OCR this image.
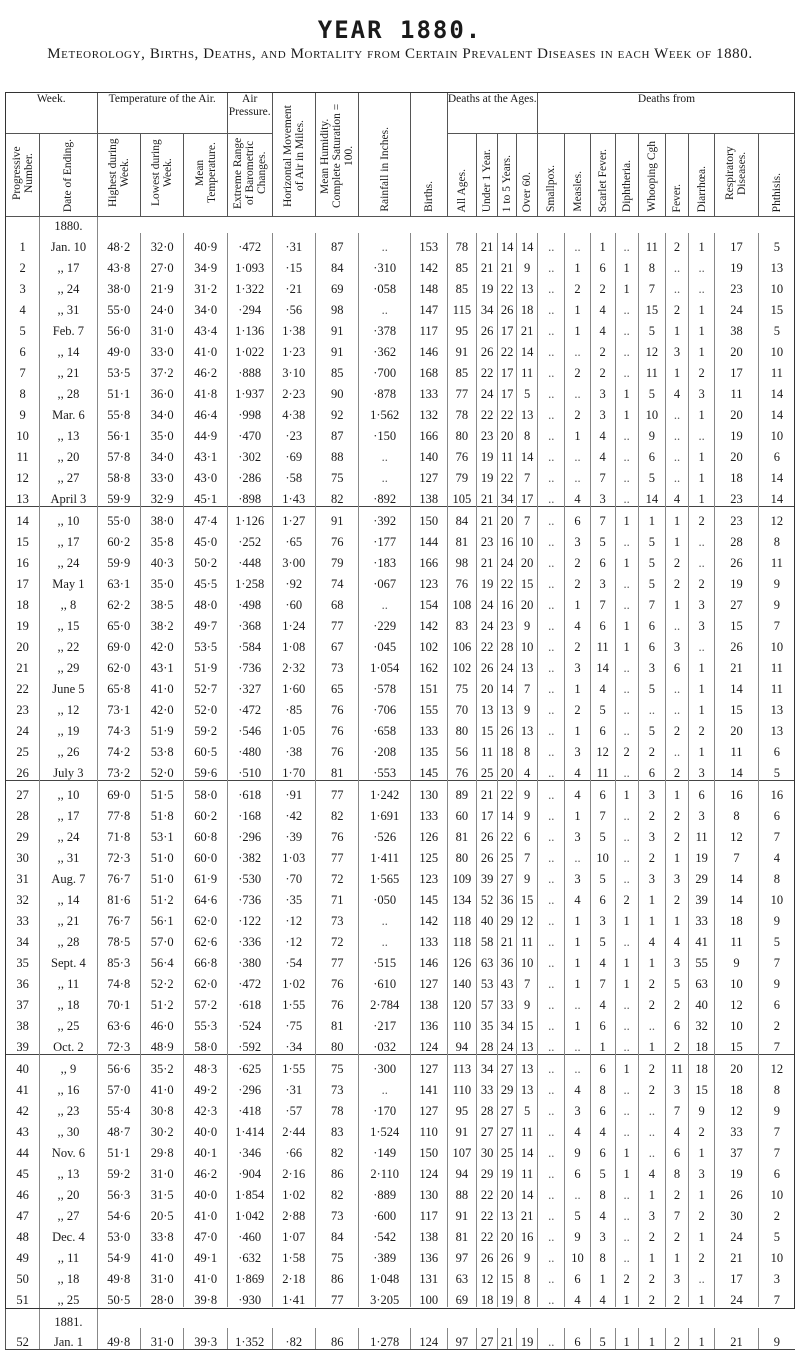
YEAR 1880.
Meteorology, Births, Deaths, and Mortality from Certain Prevalent Diseases in each Week of 1880.
Week.		Temperature of the Air.			Air Pressure.	Horizontal Movement of Air in Miles.	Mean Humidity. Complete Saturation = 100.	Rainfall in Inches.	Births.	Deaths at the Ages.				Deaths from								
Progressive Number.	Date of Ending.	Highest during Week.	Lowest during Week.	Mean Temperature.	Extreme Range of Barometric Changes.					All Ages.	Under 1 Year.	1 to 5 Years.	Over 60.	Smallpox.	Measles.	Scarlet Fever.	Diphtheria.	Whooping Cgh	Fever.	Diarrhœa.	Respiratory Diseases.	Phthisis.
	1880.																					
1	Jan. 10	48·2	32·0	40·9	·472	·31	87	..	153	78	21	14	14	..	..	1	..	11	2	1	17	5
2	,, 17	43·8	27·0	34·9	1·093	·15	84	·310	142	85	21	21	9	..	1	6	1	8	..	..	19	13
3	,, 24	38·0	21·9	31·2	1·322	·21	69	·058	148	85	19	22	13	..	2	2	1	7	..	..	23	10
4	,, 31	55·0	24·0	34·0	·294	·56	98	..	147	115	34	26	18	..	1	4	..	15	2	1	24	15
5	Feb. 7	56·0	31·0	43·4	1·136	1·38	91	·378	117	95	26	17	21	..	1	4	..	5	1	1	38	5
6	,, 14	49·0	33·0	41·0	1·022	1·23	91	·362	146	91	26	22	14	..	..	2	..	12	3	1	20	10
7	,, 21	53·5	37·2	46·2	·888	3·10	85	·700	168	85	22	17	11	..	2	2	..	11	1	2	17	11
8	,, 28	51·1	36·0	41·8	1·937	2·23	90	·878	133	77	24	17	5	..	..	3	1	5	4	3	11	14
9	Mar. 6	55·8	34·0	46·4	·998	4·38	92	1·562	132	78	22	22	13	..	2	3	1	10	..	1	20	14
10	,, 13	56·1	35·0	44·9	·470	·23	87	·150	166	80	23	20	8	..	1	4	..	9	..	..	19	10
11	,, 20	57·8	34·0	43·1	·302	·69	88	..	140	76	19	11	14	..	..	4	..	6	..	1	20	6
12	,, 27	58·8	33·0	43·0	·286	·58	75	..	127	79	19	22	7	..	..	7	..	5	..	1	18	14
13	April 3	59·9	32·9	45·1	·898	1·43	82	·892	138	105	21	34	17	..	4	3	..	14	4	1	23	14
14	,, 10	55·0	38·0	47·4	1·126	1·27	91	·392	150	84	21	20	7	..	6	7	1	1	1	2	23	12
15	,, 17	60·2	35·8	45·0	·252	·65	76	·177	144	81	23	16	10	..	3	5	..	5	1	..	28	8
16	,, 24	59·9	40·3	50·2	·448	3·00	79	·183	166	98	21	24	20	..	2	6	1	5	2	..	26	11
17	May 1	63·1	35·0	45·5	1·258	·92	74	·067	123	76	19	22	15	..	2	3	..	5	2	2	19	9
18	,, 8	62·2	38·5	48·0	·498	·60	68	..	154	108	24	16	20	..	1	7	..	7	1	3	27	9
19	,, 15	65·0	38·2	49·7	·368	1·24	77	·229	142	83	24	23	9	..	4	6	1	6	..	3	15	7
20	,, 22	69·0	42·0	53·5	·584	1·08	67	·045	102	106	22	28	10	..	2	11	1	6	3	..	26	10
21	,, 29	62·0	43·1	51·9	·736	2·32	73	1·054	162	102	26	24	13	..	3	14	..	3	6	1	21	11
22	June 5	65·8	41·0	52·7	·327	1·60	65	·578	151	75	20	14	7	..	1	4	..	5	..	1	14	11
23	,, 12	73·1	42·0	52·0	·472	·85	76	·706	155	70	13	13	9	..	2	5	..	..	..	1	15	13
24	,, 19	74·3	51·9	59·2	·546	1·05	76	·658	133	80	15	26	13	..	1	6	..	5	2	2	20	13
25	,, 26	74·2	53·8	60·5	·480	·38	76	·208	135	56	11	18	8	..	3	12	2	2	..	1	11	6
26	July 3	73·2	52·0	59·6	·510	1·70	81	·553	145	76	25	20	4	..	4	11	..	6	2	3	14	5
27	,, 10	69·0	51·5	58·0	·618	·91	77	1·242	130	89	21	22	9	..	4	6	1	3	1	6	16	16
28	,, 17	77·8	51·8	60·2	·168	·42	82	1·691	133	60	17	14	9	..	1	7	..	2	2	3	8	6
29	,, 24	71·8	53·1	60·8	·296	·39	76	·526	126	81	26	22	6	..	3	5	..	3	2	11	12	7
30	,, 31	72·3	51·0	60·0	·382	1·03	77	1·411	125	80	26	25	7	..	..	10	..	2	1	19	7	4
31	Aug. 7	76·7	51·0	61·9	·530	·70	72	1·565	123	109	39	27	9	..	3	5	..	3	3	29	14	8
32	,, 14	81·6	51·2	64·6	·736	·35	71	·050	145	134	52	36	15	..	4	6	2	1	2	39	14	10
33	,, 21	76·7	56·1	62·0	·122	·12	73	..	142	118	40	29	12	..	1	3	1	1	1	33	18	9
34	,, 28	78·5	57·0	62·6	·336	·12	72	..	133	118	58	21	11	..	1	5	..	4	4	41	11	5
35	Sept. 4	85·3	56·4	66·8	·380	·54	77	·515	146	126	63	36	10	..	1	4	1	1	3	55	9	7
36	,, 11	74·8	52·2	62·0	·472	1·02	76	·610	127	140	53	43	7	..	1	7	1	2	5	63	10	9
37	,, 18	70·1	51·2	57·2	·618	1·55	76	2·784	138	120	57	33	9	..	..	4	..	2	2	40	12	6
38	,, 25	63·6	46·0	55·3	·524	·75	81	·217	136	110	35	34	15	..	1	6	..	..	6	32	10	2
39	Oct. 2	72·3	48·9	58·0	·592	·34	80	·032	124	94	28	24	13	..	..	1	..	1	2	18	15	7
40	,, 9	56·6	35·2	48·3	·625	1·55	75	·300	127	113	34	27	13	..	..	6	1	2	11	18	20	12
41	,, 16	57·0	41·0	49·2	·296	·31	73	..	141	110	33	29	13	..	4	8	..	2	3	15	18	8
42	,, 23	55·4	30·8	42·3	·418	·57	78	·170	127	95	28	27	5	..	3	6	..	..	7	9	12	9
43	,, 30	48·7	30·2	40·0	1·414	2·44	83	1·524	110	91	27	27	11	..	4	4	..	..	4	2	33	7
44	Nov. 6	51·1	29·8	40·1	·346	·66	82	·149	150	107	30	25	14	..	9	6	1	..	6	1	37	7
45	,, 13	59·2	31·0	46·2	·904	2·16	86	2·110	124	94	29	19	11	..	6	5	1	4	8	3	19	6
46	,, 20	56·3	31·5	40·0	1·854	1·02	82	·889	130	88	22	20	14	..	..	8	..	1	2	1	26	10
47	,, 27	54·6	20·5	41·0	1·042	2·88	73	·600	117	91	22	13	21	..	5	4	..	3	7	2	30	2
48	Dec. 4	53·0	33·8	47·0	·460	1·07	84	·542	138	81	22	20	16	..	9	3	..	2	2	1	24	5
49	,, 11	54·9	41·0	49·1	·632	1·58	75	·389	136	97	26	26	9	..	10	8	..	1	1	2	21	10
50	,, 18	49·8	31·0	41·0	1·869	2·18	86	1·048	131	63	12	15	8	..	6	1	2	2	3	..	17	3
51	,, 25	50·5	28·0	39·8	·930	1·41	77	3·205	100	69	18	19	8	..	4	4	1	2	2	1	24	7
	1881.																					
52	Jan. 1	49·8	31·0	39·3	1·352	·82	86	1·278	124	97	27	21	19	..	6	5	1	1	2	1	21	9
